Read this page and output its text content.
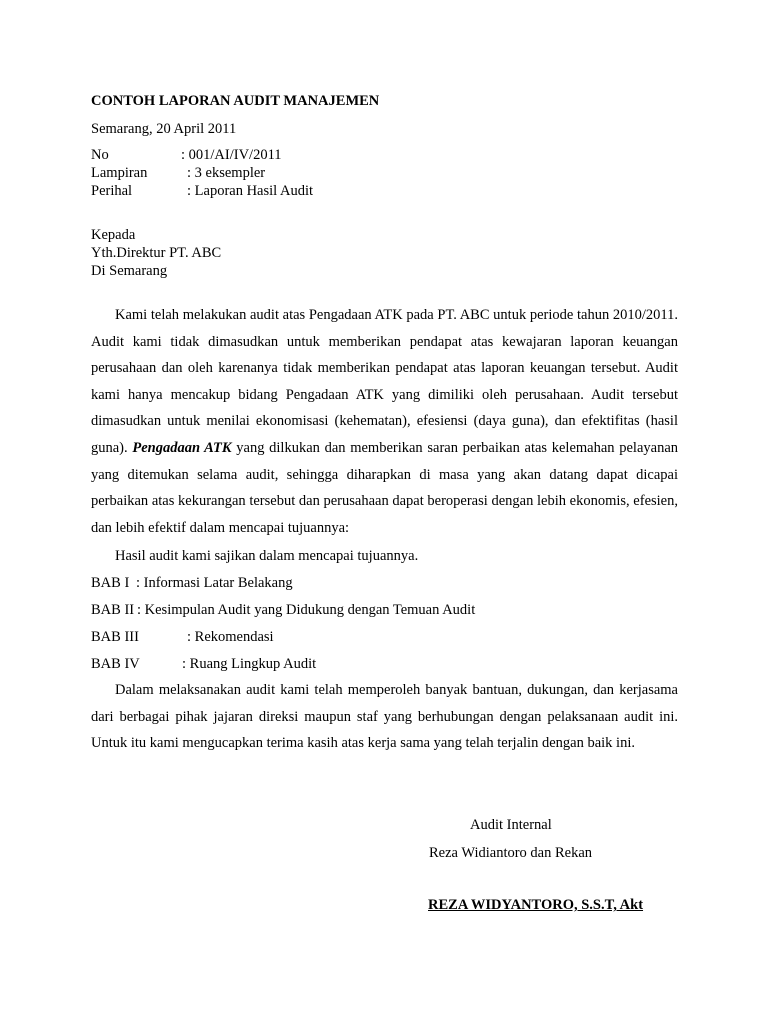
CONTOH LAPORAN AUDIT MANAJEMEN
Semarang, 20 April 2011
No	: 001/AI/IV/2011
Lampiran	: 3 eksempler
Perihal	: Laporan Hasil Audit
Kepada
Yth.Direktur PT. ABC
Di Semarang
Kami telah melakukan audit atas Pengadaan ATK pada PT. ABC untuk periode tahun 2010/2011. Audit kami tidak dimasudkan untuk memberikan pendapat atas kewajaran laporan keuangan perusahaan dan oleh karenanya tidak memberikan pendapat atas laporan keuangan tersebut. Audit kami hanya mencakup bidang Pengadaan ATK yang dimiliki oleh perusahaan. Audit tersebut dimasudkan untuk menilai ekonomisasi (kehematan), efesiensi (daya guna), dan efektifitas (hasil guna). Pengadaan ATK yang dilkukan dan memberikan saran perbaikan atas kelemahan pelayanan yang ditemukan selama audit, sehingga diharapkan di masa yang akan datang dapat dicapai perbaikan atas kekurangan tersebut dan perusahaan dapat beroperasi dengan lebih ekonomis, efesien, dan lebih efektif dalam mencapai tujuannya:
Hasil audit kami sajikan dalam mencapai tujuannya.
BAB I : Informasi Latar Belakang
BAB II : Kesimpulan Audit yang Didukung dengan Temuan Audit
BAB III	: Rekomendasi
BAB IV	: Ruang Lingkup Audit
Dalam melaksanakan audit kami telah memperoleh banyak bantuan, dukungan, dan kerjasama dari berbagai pihak jajaran direksi maupun staf yang berhubungan dengan pelaksanaan audit ini. Untuk itu kami mengucapkan terima kasih atas kerja sama yang telah terjalin dengan baik ini.
Audit Internal
Reza Widiantoro dan Rekan
REZA WIDYANTORO, S.S.T, Akt
